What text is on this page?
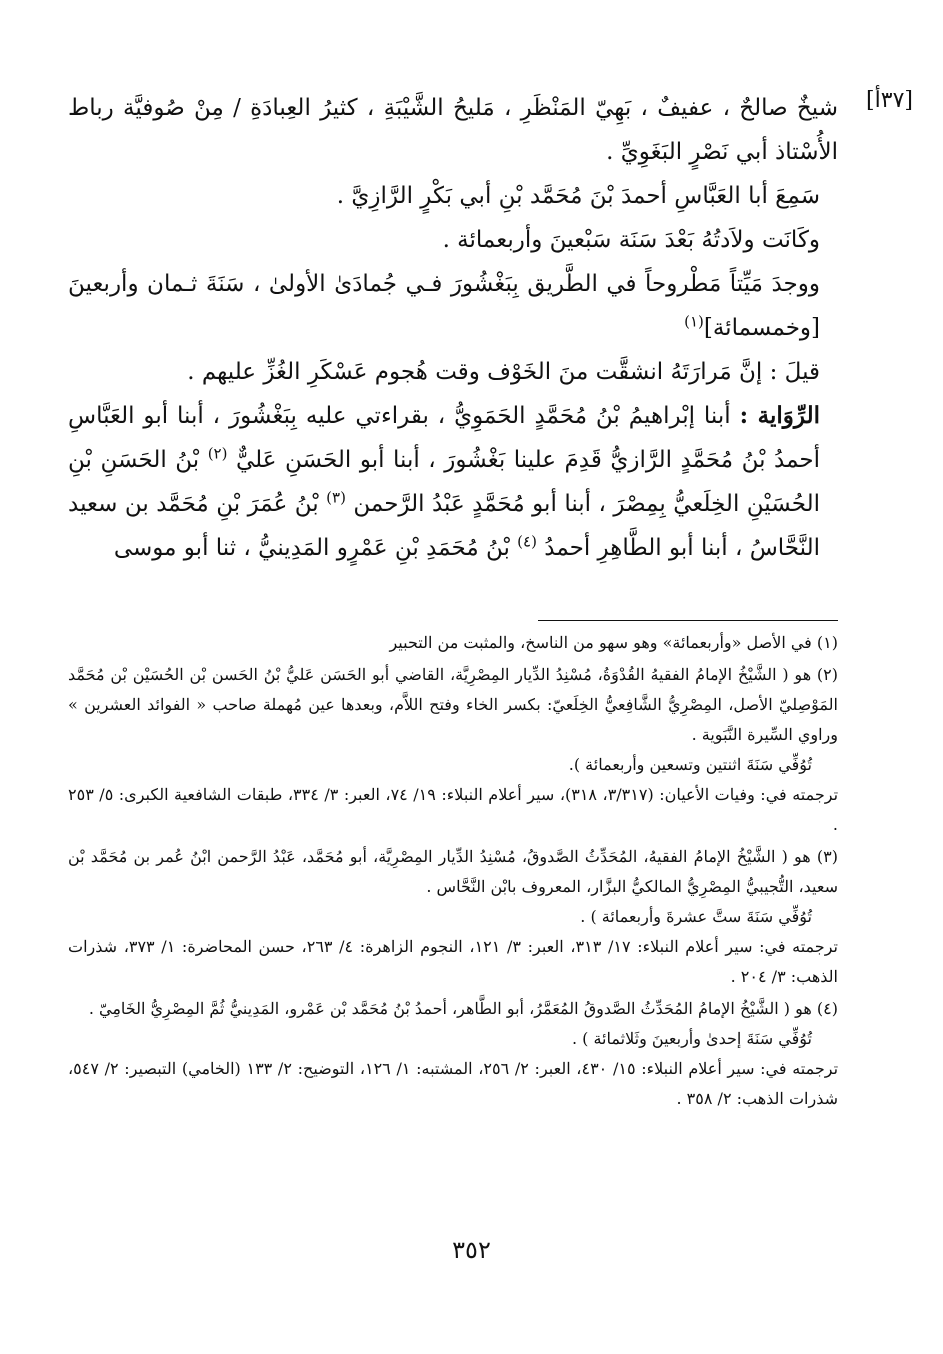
[٣٧أ]

شيخٌ صالحٌ ، عفيفٌ ، بَهِيّ المَنْظَرِ ، مَليحُ الشَّيْبَةِ ، كثيرُ العِبادَةِ / مِنْ صُوفيَّة رباط الأُسْتاذ أبي نَصْرٍ البَغَوِيِّ .

سَمِعَ أبا العَبَّاسِ أحمدَ بْنَ مُحَمَّد بْنِ أبي بَكْرٍ الرَّازِيَّ .

وكَانَت ولاَدتُهُ بَعْدَ سَنَة سَبْعينَ وأربعمائة .

ووجدَ مَيِّتاً مَطْروحاً في الطَّريق بِبَغْشُورَ فـي جُمادَىٰ الأولىٰ ، سَنَةَ ثـمان وأربعينَ [وخمسمائة]$^{(١)}$

قيلَ : إنَّ مَرارَتَهُ انشقَّت منَ الخَوْف وقت هُجوم عَسْكَرِ الغُزِّ عليهم .

الرِّوَاية : أبنا إبْراهيمُ بْنُ مُحَمَّدٍ الحَمَوِيُّ ، بقراءتي عليه بِبَغْشُورَ ، أبنا أبو العَبَّاسِ أحمدُ بْنُ مُحَمَّدٍ الرَّازيُّ قَدِمَ علينا بَغْشُورَ ، أبنا أبو الحَسَنِ عَليٌّ $^{(٢)}$ بْنُ الحَسَنِ بْنِ الحُسَيْنِ الخِلَعيُّ بِمِصْرَ ، أبنا أبو مُحَمَّدٍ عَبْدُ الرَّحمن $^{(٣)}$ بْنُ عُمَرَ بْنِ مُحَمَّد بن سعيد النَّحَّاسُ ، أبنا أبو الطَّاهِرِ أحمدُ $^{(٤)}$ بْنُ مُحَمَدِ بْنِ عَمْرٍو المَدِينيُّ ، ثنا أبو موسى

(١) في الأصل «وأربعمائة» وهو سهو من الناسخ، والمثبت من التحبير

(٢) هو ( الشَّيْخُ الإمامُ الفقيهُ القُدْوَةُ، مُسْنِدُ الدِّيار المِصْرِيَّة، القاضي أبو الحَسَن عَليُّ بْنُ الحَسن بْن الحُسَيْن بْن مُحَمَّد المَوْصِليّ الأصل، المِصْرِيُّ الشَّافِعيُّ الخِلَعيّ: بكسر الخاء وفتح اللاَّم، وبعدها عين مُهملة صاحب « الفوائد العشرين » وراوي السِّيرة النَّبَوية .

تُوُفِّي سَنَةَ اثنتين وتسعين وأربعمائة ).

ترجمته في: وفيات الأعيان: (٣/٣١٧، ٣١٨)، سير أعلام النبلاء: ١٩/ ٧٤، العبر: ٣/ ٣٣٤، طبقات الشافعية الكبرى: ٥/ ٢٥٣ .

(٣) هو ( الشَّيْخُ الإمامُ الفقيهُ، المُحَدِّثُ الصَّدوقُ، مُسْنِدُ الدِّيار المِصْرِيَّة، أبو مُحَمَّد، عَبْدُ الرَّحمن ابْنُ عُمر بن مُحَمَّد بْن سعيد، التُّجيبيُّ المِصْرِيُّ المالكيُّ البزَّار، المعروف بابْن النَّحَّاس .

تُوُفِّي سَنَةَ ستَّ عشرةَ وأربعمائة ) .

ترجمته في: سير أعلام النبلاء: ١٧/ ٣١٣، العبر: ٣/ ١٢١، النجوم الزاهرة: ٤/ ٢٦٣، حسن المحاضرة: ١/ ٣٧٣، شذرات الذهب: ٣/ ٢٠٤ .

(٤) هو ( الشَّيْخُ الإمامُ المُحَدِّثُ الصَّدوقُ المُعَمَّرُ، أبو الطَّاهر، أحمدُ بْنُ مُحَمَّد بْن عَمْرو، المَدِينيُّ ثُمَّ المِصْرِيُّ الخَامِيّ .

تُوُفِّي سَنَةَ إحدىٰ وأربعينَ وثَلاثمائة ) .

ترجمته في: سير أعلام النبلاء: ١٥/ ٤٣٠، العبر: ٢/ ٢٥٦، المشتبه: ١/ ١٢٦، التوضيح: ٢/ ١٣٣ (الخامي) التبصير: ٢/ ٥٤٧، شذرات الذهب: ٢/ ٣٥٨ .

٣٥٢
